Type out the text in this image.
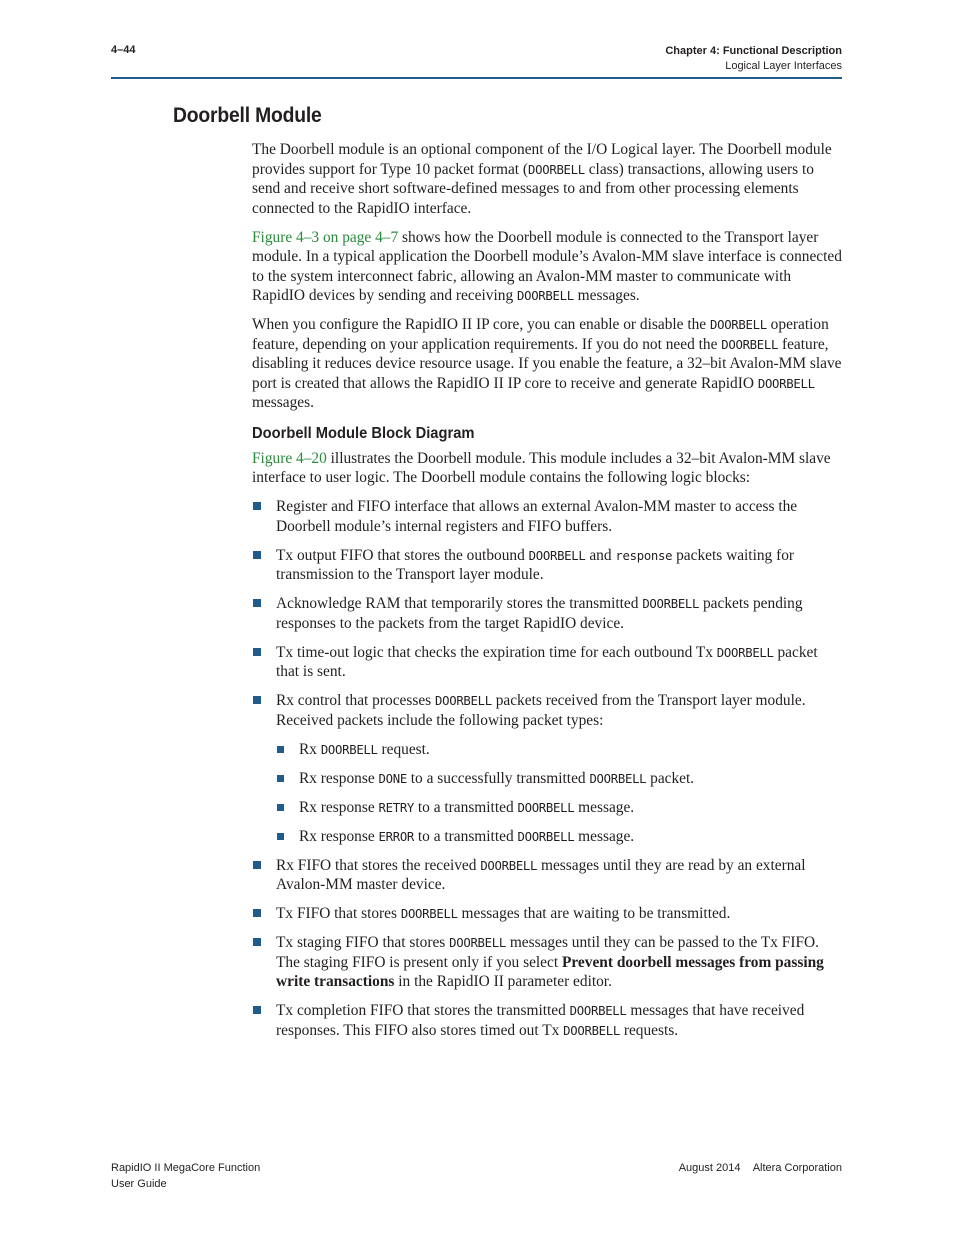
4–44	Chapter 4: Functional Description
Logical Layer Interfaces
Doorbell Module

The Doorbell module is an optional component of the I/O Logical layer. The Doorbell module provides support for Type 10 packet format (DOORBELL class) transactions, allowing users to send and receive short software-defined messages to and from other processing elements connected to the RapidIO interface.

Figure 4–3 on page 4–7 shows how the Doorbell module is connected to the Transport layer module. In a typical application the Doorbell module’s Avalon-MM slave interface is connected to the system interconnect fabric, allowing an Avalon-MM master to communicate with RapidIO devices by sending and receiving DOORBELL messages.

When you configure the RapidIO II IP core, you can enable or disable the DOORBELL operation feature, depending on your application requirements. If you do not need the DOORBELL feature, disabling it reduces device resource usage. If you enable the feature, a 32–bit Avalon-MM slave port is created that allows the RapidIO II IP core to receive and generate RapidIO DOORBELL messages.

Doorbell Module Block Diagram

Figure 4–20 illustrates the Doorbell module. This module includes a 32–bit Avalon-MM slave interface to user logic. The Doorbell module contains the following logic blocks:

Register and FIFO interface that allows an external Avalon-MM master to access the Doorbell module’s internal registers and FIFO buffers.
Tx output FIFO that stores the outbound DOORBELL and response packets waiting for transmission to the Transport layer module.
Acknowledge RAM that temporarily stores the transmitted DOORBELL packets pending responses to the packets from the target RapidIO device.
Tx time-out logic that checks the expiration time for each outbound Tx DOORBELL packet that is sent.
Rx control that processes DOORBELL packets received from the Transport layer module. Received packets include the following packet types:
Rx DOORBELL request.
Rx response DONE to a successfully transmitted DOORBELL packet.
Rx response RETRY to a transmitted DOORBELL message.
Rx response ERROR to a transmitted DOORBELL message.
Rx FIFO that stores the received DOORBELL messages until they are read by an external Avalon-MM master device.
Tx FIFO that stores DOORBELL messages that are waiting to be transmitted.
Tx staging FIFO that stores DOORBELL messages until they can be passed to the Tx FIFO. The staging FIFO is present only if you select Prevent doorbell messages from passing write transactions in the RapidIO II parameter editor.
Tx completion FIFO that stores the transmitted DOORBELL messages that have received responses. This FIFO also stores timed out Tx DOORBELL requests.
RapidIO II MegaCore Function
User Guide
August 2014 Altera Corporation
